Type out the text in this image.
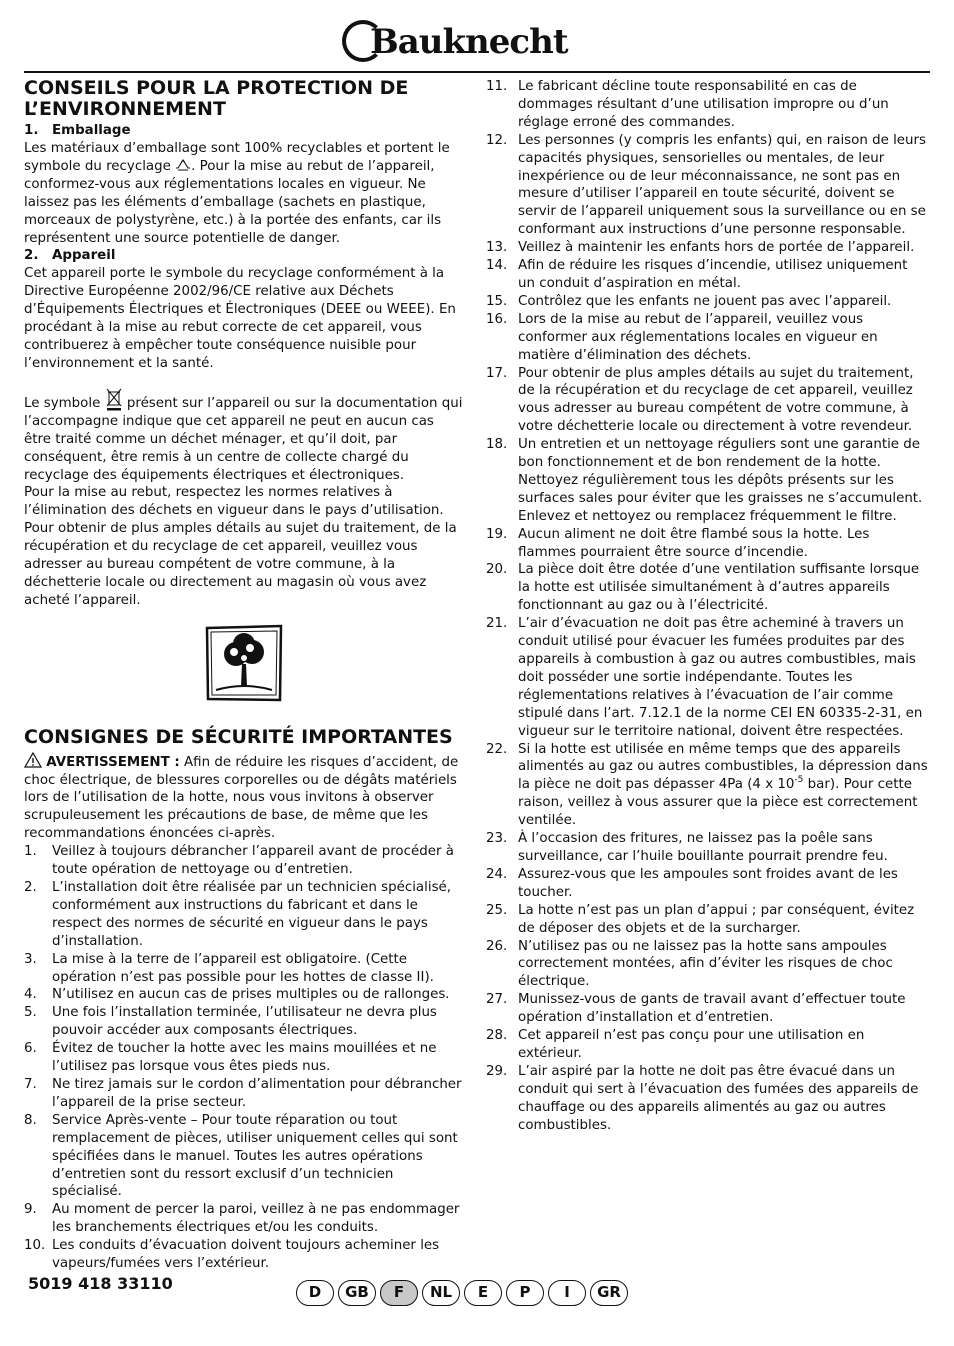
Bauknecht
CONSEILS POUR LA PROTECTION DE L’ENVIRONNEMENT
1. Emballage

Les matériaux d’emballage sont 100% recyclables et portent le symbole du recyclage . Pour la mise au rebut de l’appareil, conformez-vous aux réglementations locales en vigueur. Ne laissez pas les éléments d’emballage (sachets en plastique, morceaux de polystyrène, etc.) à la portée des enfants, car ils représentent une source potentielle de danger.

2. Appareil

Cet appareil porte le symbole du recyclage conformément à la Directive Européenne 2002/96/CE relative aux Déchets d’Équipements Électriques et Électroniques (DEEE ou WEEE). En procédant à la mise au rebut correcte de cet appareil, vous contribuerez à empêcher toute conséquence nuisible pour l’environnement et la santé.

Le symbole présent sur l’appareil ou sur la documentation qui l’accompagne indique que cet appareil ne peut en aucun cas être traité comme un déchet ménager, et qu’il doit, par conséquent, être remis à un centre de collecte chargé du recyclage des équipements électriques et électroniques.

Pour la mise au rebut, respectez les normes relatives à l’élimination des déchets en vigueur dans le pays d’utilisation.

Pour obtenir de plus amples détails au sujet du traitement, de la récupération et du recyclage de cet appareil, veuillez vous adresser au bureau compétent de votre commune, à la déchetterie locale ou directement au magasin où vous avez acheté l’appareil.

CONSIGNES DE SÉCURITÉ IMPORTANTES

AVERTISSEMENT : Afin de réduire les risques d’accident, de choc électrique, de blessures corporelles ou de dégâts matériels lors de l’utilisation de la hotte, nous vous invitons à observer scrupuleusement les précautions de base, de même que les recommandations énoncées ci-après.

1.	Veillez à toujours débrancher l’appareil avant de procéder à toute opération de nettoyage ou d’entretien.
2.	L’installation doit être réalisée par un technicien spécialisé, conformément aux instructions du fabricant et dans le respect des normes de sécurité en vigueur dans le pays d’installation.
3.	La mise à la terre de l’appareil est obligatoire. (Cette opération n’est pas possible pour les hottes de classe II).
4.	N’utilisez en aucun cas de prises multiples ou de rallonges.
5.	Une fois l’installation terminée, l’utilisateur ne devra plus pouvoir accéder aux composants électriques.
6.	Évitez de toucher la hotte avec les mains mouillées et ne l’utilisez pas lorsque vous êtes pieds nus.
7.	Ne tirez jamais sur le cordon d’alimentation pour débrancher l’appareil de la prise secteur.
8.	Service Après-vente – Pour toute réparation ou tout remplacement de pièces, utiliser uniquement celles qui sont spécifiées dans le manuel. Toutes les autres opérations d’entretien sont du ressort exclusif d’un technicien spécialisé.
9.	Au moment de percer la paroi, veillez à ne pas endommager les branchements électriques et/ou les conduits.
10. Les conduits d’évacuation doivent toujours acheminer les vapeurs/fumées vers l’extérieur.
11. Le fabricant décline toute responsabilité en cas de dommages résultant d’une utilisation impropre ou d’un réglage erroné des commandes.
12. Les personnes (y compris les enfants) qui, en raison de leurs capacités physiques, sensorielles ou mentales, de leur inexpérience ou de leur méconnaissance, ne sont pas en mesure d’utiliser l’appareil en toute sécurité, doivent se servir de l’appareil uniquement sous la surveillance ou en se conformant aux instructions d’une personne responsable.
13. Veillez à maintenir les enfants hors de portée de l’appareil.
14. Afin de réduire les risques d’incendie, utilisez uniquement un conduit d’aspiration en métal.
15. Contrôlez que les enfants ne jouent pas avec l’appareil.
16. Lors de la mise au rebut de l’appareil, veuillez vous conformer aux réglementations locales en vigueur en matière d’élimination des déchets.
17. Pour obtenir de plus amples détails au sujet du traitement, de la récupération et du recyclage de cet appareil, veuillez vous adresser au bureau compétent de votre commune, à votre déchetterie locale ou directement à votre revendeur.
18. Un entretien et un nettoyage réguliers sont une garantie de bon fonctionnement et de bon rendement de la hotte. Nettoyez régulièrement tous les dépôts présents sur les surfaces sales pour éviter que les graisses ne s’accumulent. Enlevez et nettoyez ou remplacez fréquemment le filtre.
19. Aucun aliment ne doit être flambé sous la hotte. Les flammes pourraient être source d’incendie.
20. La pièce doit être dotée d’une ventilation suffisante lorsque la hotte est utilisée simultanément à d’autres appareils fonctionnant au gaz ou à l’électricité.
21. L’air d’évacuation ne doit pas être acheminé à travers un conduit utilisé pour évacuer les fumées produites par des appareils à combustion à gaz ou autres combustibles, mais doit posséder une sortie indépendante. Toutes les réglementations relatives à l’évacuation de l’air comme stipulé dans l’art. 7.12.1 de la norme CEI EN 60335-2-31, en vigueur sur le territoire national, doivent être respectées.
22. Si la hotte est utilisée en même temps que des appareils alimentés au gaz ou autres combustibles, la dépression dans la pièce ne doit pas dépasser 4Pa (4 x $10^{-5}$ bar). Pour cette raison, veillez à vous assurer que la pièce est correctement ventilée.
23. À l’occasion des fritures, ne laissez pas la poêle sans surveillance, car l’huile bouillante pourrait prendre feu.
24. Assurez-vous que les ampoules sont froides avant de les toucher.
25. La hotte n’est pas un plan d’appui ; par conséquent, évitez de déposer des objets et de la surcharger.
26. N’utilisez pas ou ne laissez pas la hotte sans ampoules correctement montées, afin d’éviter les risques de choc électrique.
27. Munissez-vous de gants de travail avant d’effectuer toute opération d’installation et d’entretien.
28. Cet appareil n’est pas conçu pour une utilisation en extérieur.
29. L’air aspiré par la hotte ne doit pas être évacué dans un conduit qui sert à l’évacuation des fumées des appareils de chauffage ou des appareils alimentés au gaz ou autres combustibles.
5019 418 33110	D	GB	F	NL	E	P	I	GR
